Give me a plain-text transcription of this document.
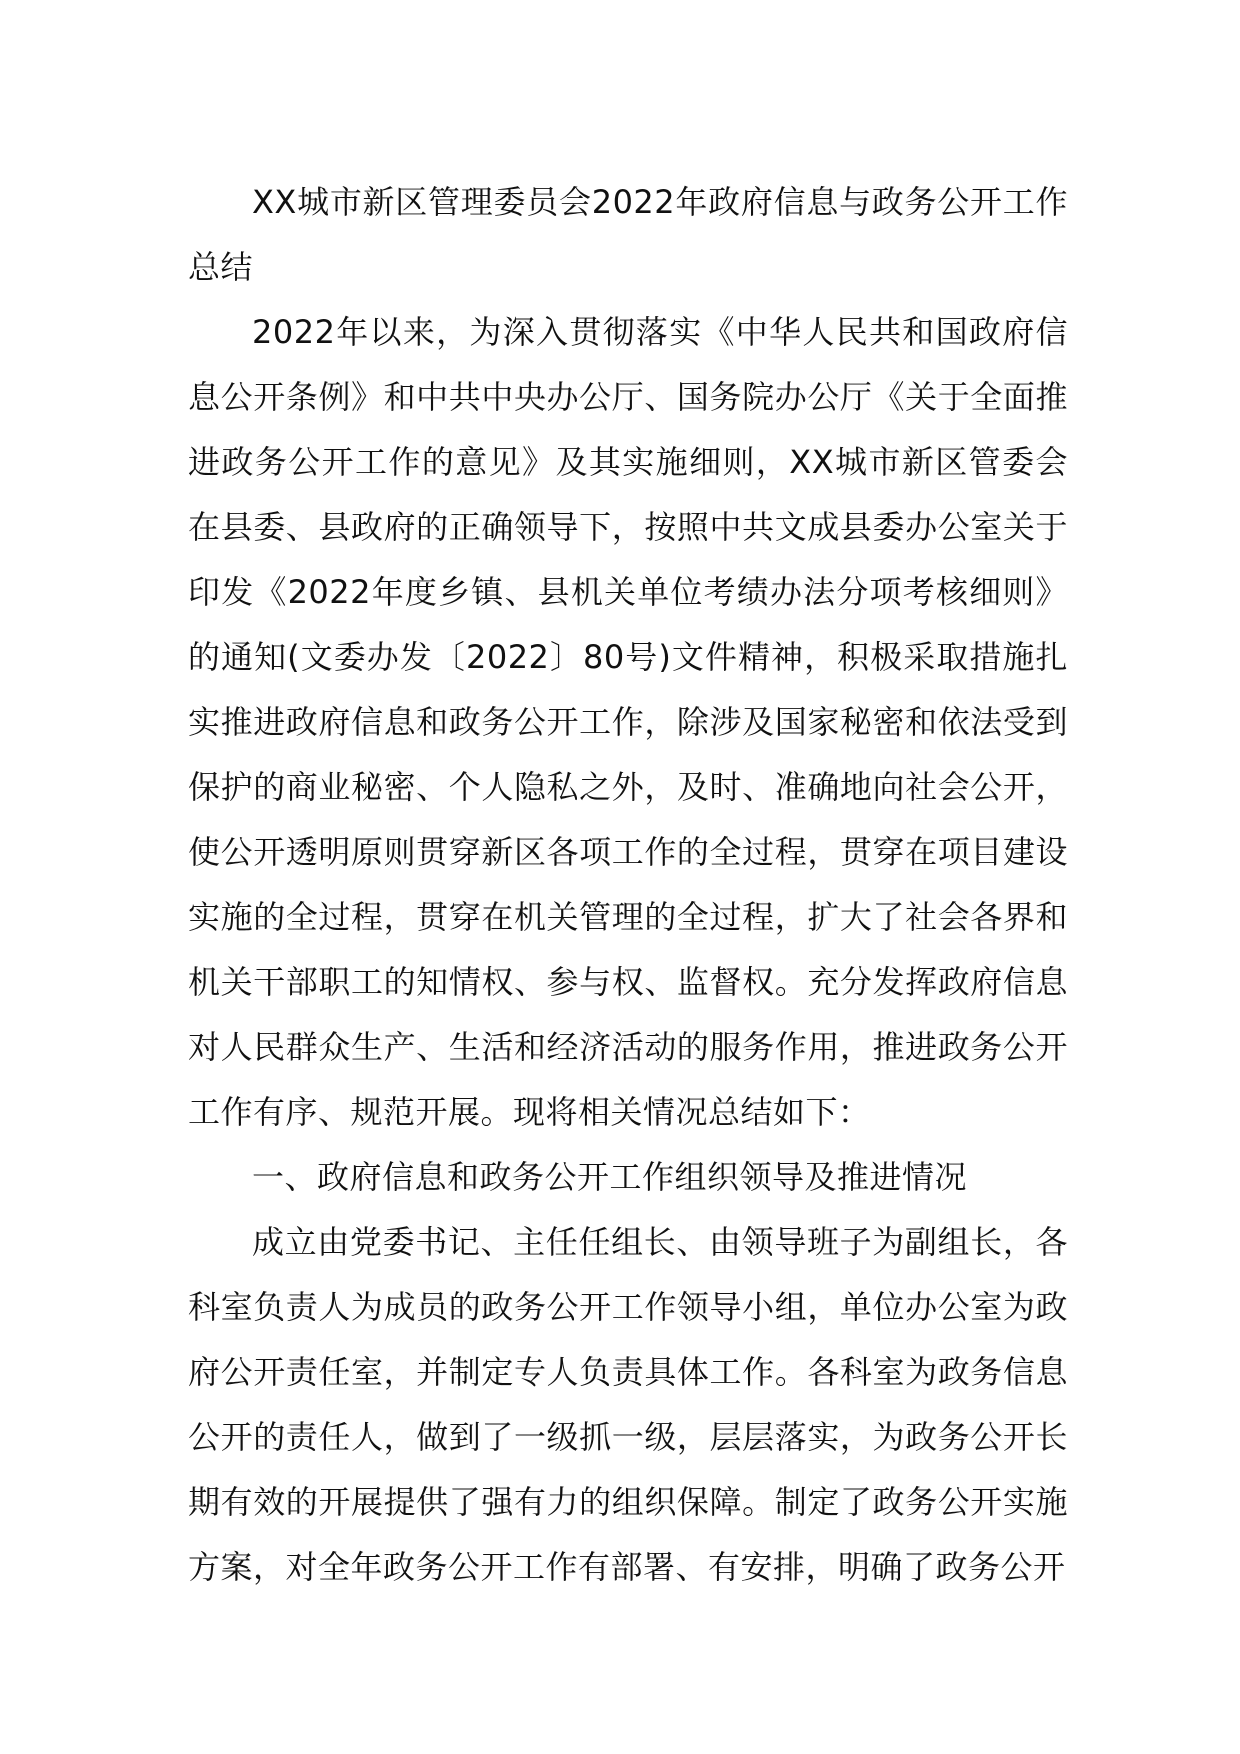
XX城市新区管理委员会2022年政府信息与政务公开工作总结

2022年以来，为深入贯彻落实《中华人民共和国政府信息公开条例》和中共中央办公厅、国务院办公厅《关于全面推进政务公开工作的意见》及其实施细则，XX城市新区管委会在县委、县政府的正确领导下，按照中共文成县委办公室关于印发《2022年度乡镇、县机关单位考绩办法分项考核细则》的通知(文委办发〔2022〕80号)文件精神，积极采取措施扎实推进政府信息和政务公开工作，除涉及国家秘密和依法受到保护的商业秘密、个人隐私之外，及时、准确地向社会公开，使公开透明原则贯穿新区各项工作的全过程，贯穿在项目建设实施的全过程，贯穿在机关管理的全过程，扩大了社会各界和机关干部职工的知情权、参与权、监督权。充分发挥政府信息对人民群众生产、生活和经济活动的服务作用，推进政务公开工作有序、规范开展。现将相关情况总结如下：

一、政府信息和政务公开工作组织领导及推进情况

成立由党委书记、主任任组长、由领导班子为副组长，各科室负责人为成员的政务公开工作领导小组，单位办公室为政府公开责任室，并制定专人负责具体工作。各科室为政务信息公开的责任人，做到了一级抓一级，层层落实，为政务公开长期有效的开展提供了强有力的组织保障。制定了政务公开实施方案，对全年政务公开工作有部署、有安排，明确了政务公开
